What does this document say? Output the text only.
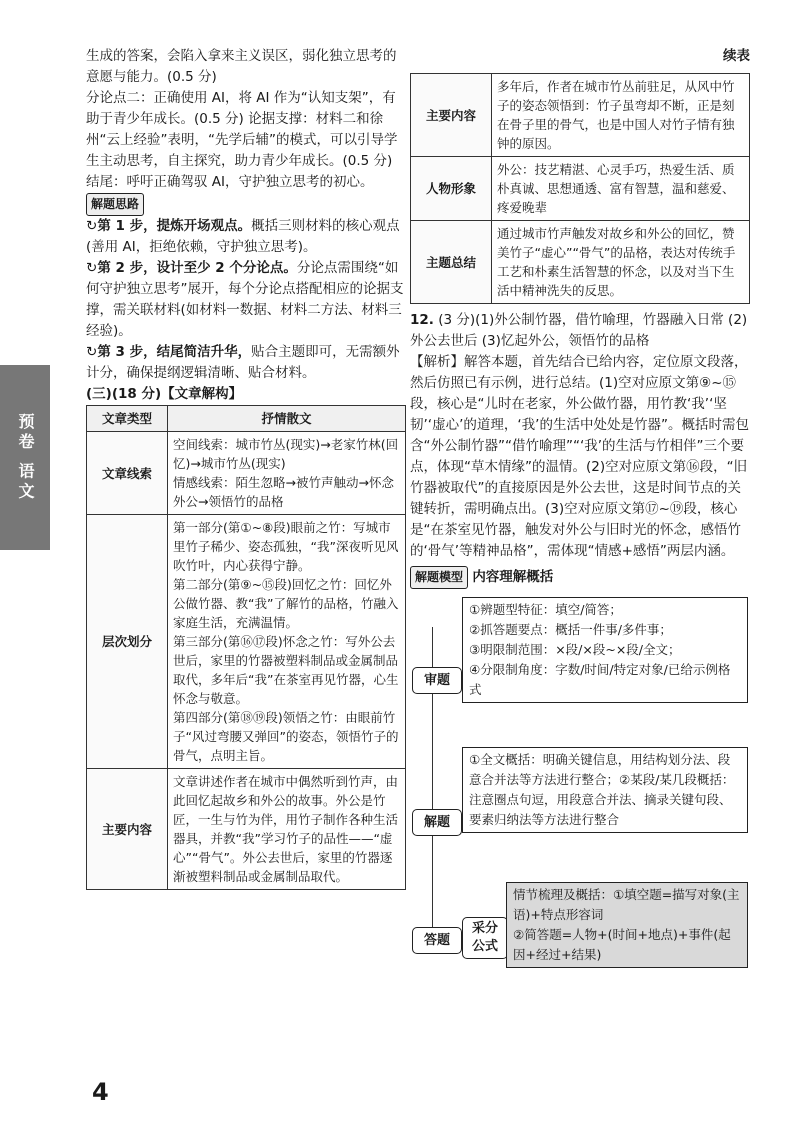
预卷 语文

生成的答案，会陷入拿来主义误区，弱化独立思考的意愿与能力。(0.5 分)

分论点二：正确使用 AI，将 AI 作为“认知支架”，有助于青少年成长。(0.5 分) 论据支撑：材料二和徐州“云上经验”表明，“先学后辅”的模式，可以引导学生主动思考，自主探究，助力青少年成长。(0.5 分)

结尾：呼吁正确驾驭 AI，守护独立思考的初心。

解题思路

↻第 1 步，提炼开场观点。概括三则材料的核心观点(善用 AI，拒绝依赖，守护独立思考)。

↻第 2 步，设计至少 2 个分论点。分论点需围绕“如何守护独立思考”展开，每个分论点搭配相应的论据支撑，需关联材料(如材料一数据、材料二方法、材料三经验)。

↻第 3 步，结尾简洁升华，贴合主题即可，无需额外计分，确保提纲逻辑清晰、贴合材料。

(三)(18 分)【文章解构】

文章类型	抒情散文
文章线索	空间线索：城市竹丛(现实)→老家竹林(回忆)→城市竹丛(现实)
情感线索：陌生忽略→被竹声触动→怀念外公→领悟竹的品格
层次划分	第一部分(第①~⑧段)眼前之竹：写城市里竹子稀少、姿态孤独，“我”深夜听见风吹竹叶，内心获得宁静。
第二部分(第⑨~⑮段)回忆之竹：回忆外公做竹器、教“我”了解竹的品格，竹融入家庭生活，充满温情。
第三部分(第⑯⑰段)怀念之竹：写外公去世后，家里的竹器被塑料制品或金属制品取代，多年后“我”在茶室再见竹器，心生怀念与敬意。
第四部分(第⑱⑲段)领悟之竹：由眼前竹子“风过弯腰又弹回”的姿态，领悟竹子的骨气，点明主旨。
主要内容	文章讲述作者在城市中偶然听到竹声，由此回忆起故乡和外公的故事。外公是竹匠，一生与竹为伴，用竹子制作各种生活器具，并教“我”学习竹子的品性——“虚心”“骨气”。外公去世后，家里的竹器逐渐被塑料制品或金属制品取代。
续表
主要内容	多年后，作者在城市竹丛前驻足，从风中竹子的姿态领悟到：竹子虽弯却不断，正是刻在骨子里的骨气，也是中国人对竹子情有独钟的原因。
人物形象	外公：技艺精湛、心灵手巧，热爱生活、质朴真诚、思想通透、富有智慧，温和慈爱、疼爱晚辈
主题总结	通过城市竹声触发对故乡和外公的回忆，赞美竹子“虚心”“骨气”的品格，表达对传统手工艺和朴素生活智慧的怀念，以及对当下生活中精神洗失的反思。

12. (3 分)(1)外公制竹器，借竹喻理，竹器融入日常 (2)外公去世后 (3)忆起外公，领悟竹的品格

【解析】解答本题，首先结合已给内容，定位原文段落，然后仿照已有示例，进行总结。(1)空对应原文第⑨~⑮段，核心是“儿时在老家，外公做竹器，用竹教‘我’‘坚韧’‘虚心’的道理，‘我’的生活中处处是竹器”。概括时需包含“外公制竹器”“借竹喻理”“‘我’的生活与竹相伴”三个要点，体现“草木情缘”的温情。(2)空对应原文第⑯段，“旧竹器被取代”的直接原因是外公去世，这是时间节点的关键转折，需明确点出。(3)空对应原文第⑰~⑲段，核心是“在茶室见竹器，触发对外公与旧时光的怀念，感悟竹的‘骨气’等精神品格”，需体现“情感+感悟”两层内涵。

解题模型 内容理解概括

审题
①辨题型特征：填空/简答；
②抓答题要点：概括一件事/多件事；
③明限制范围：×段/×段~×段/全文；
④分限制角度：字数/时间/特定对象/已给示例格式
解题
①全文概括：明确关键信息，用结构划分法、段意合并法等方法进行整合；②某段/某几段概括：注意圈点句逗，用段意合并法、摘录关键句段、要素归纳法等方法进行整合
答题
采分公式
情节梳理及概括：①填空题=描写对象(主语)+特点形容词
②简答题=人物+(时间+地点)+事件(起因+经过+结果)
4
